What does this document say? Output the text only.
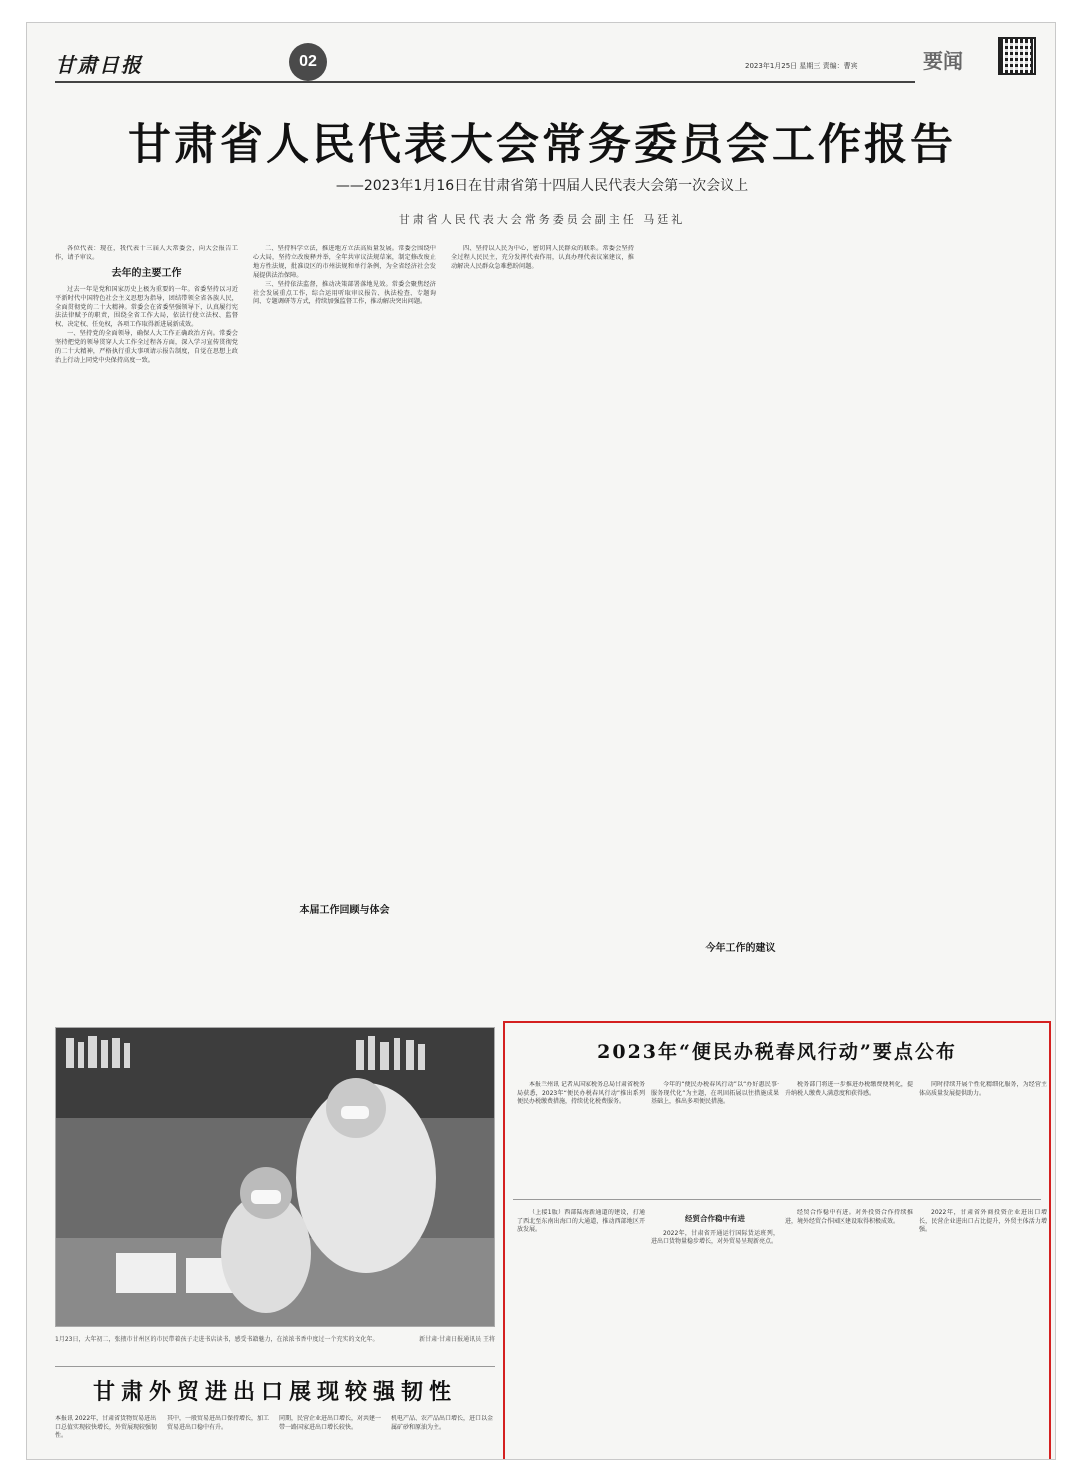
甘肃日报	02	2023年1月25日 星期三 责编：曹宾	要闻
甘肃省人民代表大会常务委员会工作报告
——2023年1月16日在甘肃省第十四届人民代表大会第一次会议上
甘肃省人民代表大会常务委员会副主任 马廷礼

各位代表：现在，我代表十三届人大常委会，向大会报告工作，请予审议。

去年的主要工作

过去一年是党和国家历史上极为重要的一年。省委坚持以习近平新时代中国特色社会主义思想为指导，团结带领全省各族人民，全面贯彻党的二十大精神。常委会在省委坚强领导下，认真履行宪法法律赋予的职责，围绕全省工作大局，依法行使立法权、监督权、决定权、任免权，各项工作取得新进展新成效。

一、坚持党的全面领导，确保人大工作正确政治方向。常委会坚持把党的领导贯穿人大工作全过程各方面，深入学习宣传贯彻党的二十大精神，严格执行重大事项请示报告制度，自觉在思想上政治上行动上同党中央保持高度一致。

二、坚持科学立法，推进地方立法高质量发展。常委会围绕中心大局，坚持立改废释并举，全年共审议法规草案，制定修改废止地方性法规，批准设区的市州法规和单行条例，为全省经济社会发展提供法治保障。

三、坚持依法监督，推动决策部署落地见效。常委会聚焦经济社会发展重点工作，综合运用听取审议报告、执法检查、专题询问、专题调研等方式，持续加强监督工作，推动解决突出问题。

本届工作回顾与体会

四、坚持以人民为中心，密切同人民群众的联系。常委会坚持全过程人民民主，充分发挥代表作用，认真办理代表议案建议，推动解决人民群众急难愁盼问题。

今年工作的建议
1月23日，大年初二，张掖市甘州区的市民带着孩子走进书店读书，感受书籍魅力，在浓浓书香中度过一个充实的文化年。	新甘肃·甘肃日报通讯员 王将
甘肃外贸进出口展现较强韧性
本报讯 2022年，甘肃省货物贸易进出口总值实现较快增长，外贸展现较强韧性。
其中，一般贸易进出口保持增长，加工贸易进出口稳中有升。
同期，民营企业进出口增长，对共建一带一路国家进出口增长较快。
机电产品、农产品出口增长，进口以金属矿砂和原油为主。
2023年“便民办税春风行动”要点公布

本报兰州讯 记者从国家税务总局甘肃省税务局获悉，2023年“便民办税春风行动”推出系列便民办税缴费措施，持续优化税费服务。

今年的“便民办税春风行动”以“办好惠民事·服务现代化”为主题，在巩固拓展以往措施成果基础上，推出多项便民措施。

税务部门将进一步推进办税缴费便利化，提升纳税人缴费人满意度和获得感。

同时持续开展个性化精细化服务，为经营主体高质量发展提供助力。

（上接1版）西部陆海新通道的建设，打通了西北至东南出海口的大通道，推动西部地区开放发展。

经贸合作稳中有进

2022年，甘肃省开通运行国际货运班列，进出口货物量稳步增长，对外贸易呈现新亮点。

经贸合作稳中有进。对外投资合作持续推进，境外经贸合作园区建设取得积极成效。

2022年，甘肃省外商投资企业进出口增长，民营企业进出口占比提升，外贸主体活力增强。
